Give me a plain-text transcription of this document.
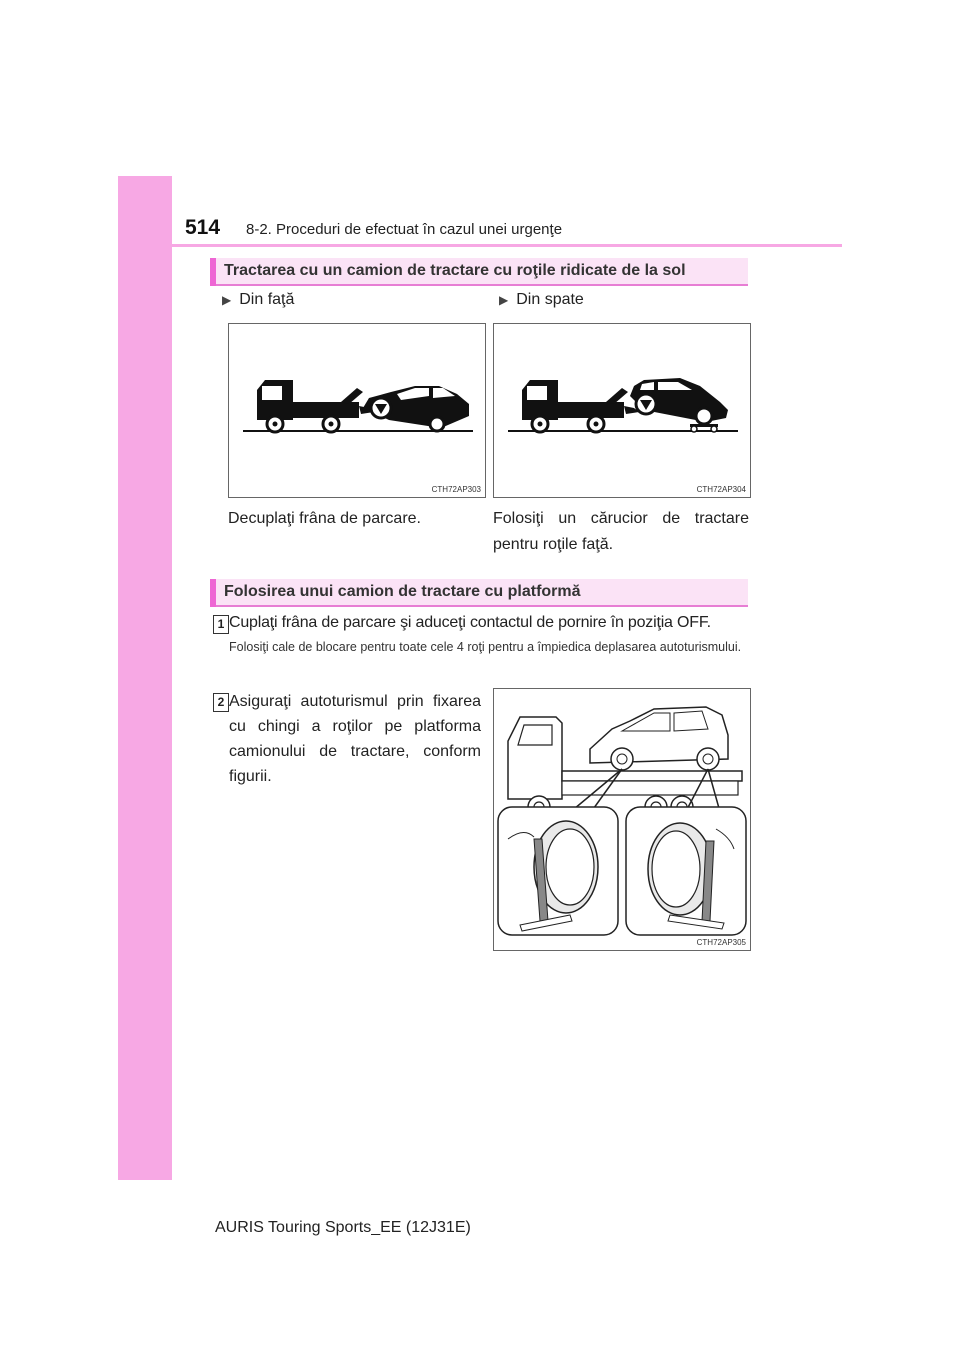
514 8-2. Proceduri de efectuat în cazul unei urgenţe
Tractarea cu un camion de tractare cu roţile ridicate de la sol
▶ Din faţă	▶ Din spate
CTH72AP303	CTH72AP304
Decuplaţi frâna de parcare.	Folosiţi un cărucior de tractare pentru roţile faţă.
Folosirea unui camion de tractare cu platformă
1 Cuplaţi frâna de parcare şi aduceţi contactul de pornire în poziţia OFF.
Folosiţi cale de blocare pentru toate cele 4 roţi pentru a împiedica deplasarea autoturismului.
2 Asiguraţi autoturismul prin fixarea cu chingi a roţilor pe platforma camionului de tractare, conform figurii.
CTH72AP305
AURIS Touring Sports_EE (12J31E)
